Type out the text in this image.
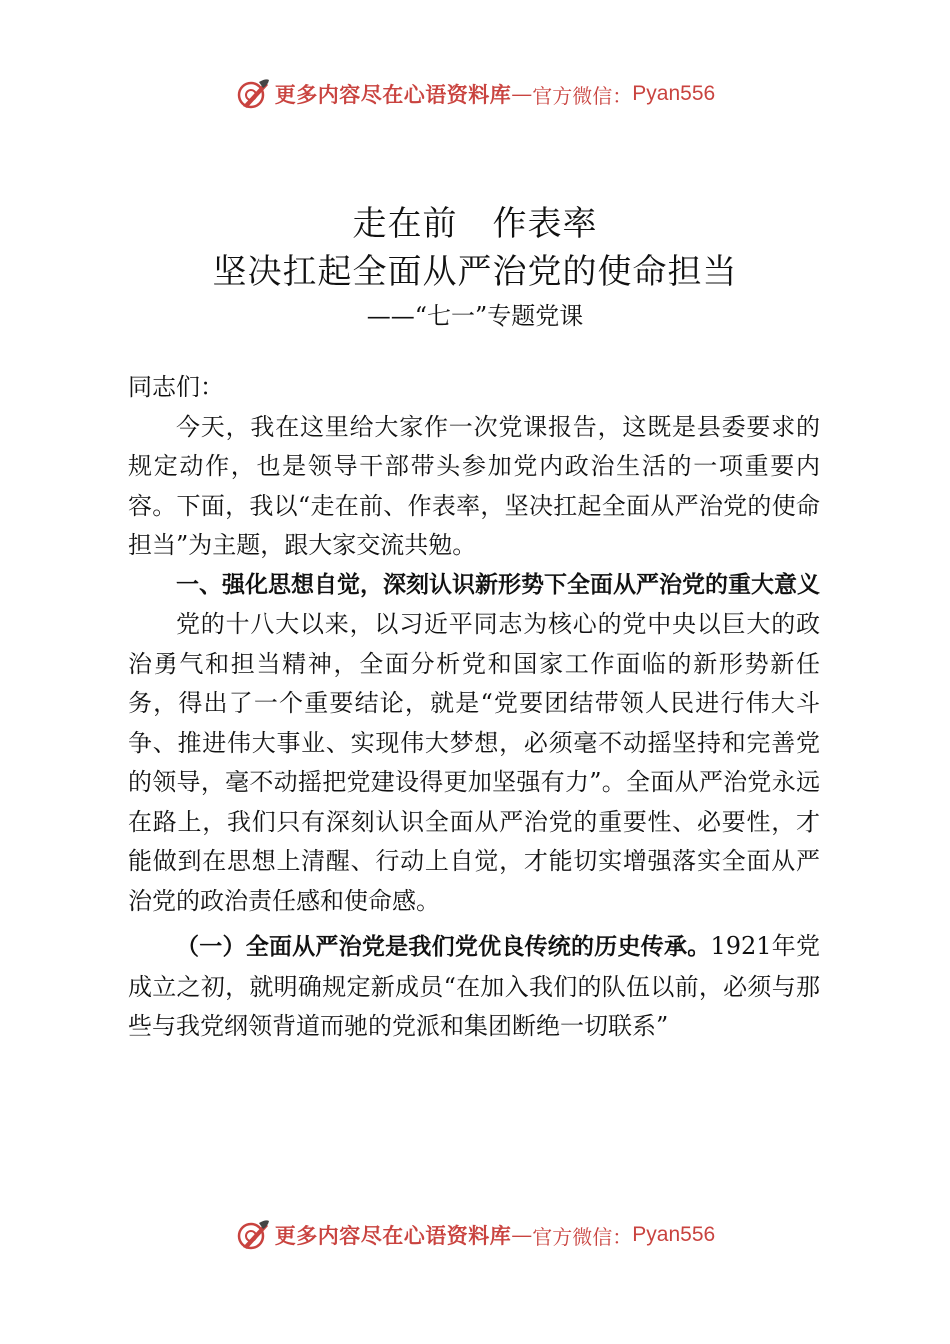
更多内容尽在心语资料库 — 官方微信： Pyan556
走在前　作表率
坚决扛起全面从严治党的使命担当
——“七一”专题党课

同志们：

今天，我在这里给大家作一次党课报告，这既是县委要求的规定动作，也是领导干部带头参加党内政治生活的一项重要内容。下面，我以“走在前、作表率，坚决扛起全面从严治党的使命担当”为主题，跟大家交流共勉。

一、强化思想自觉，深刻认识新形势下全面从严治党的重大意义

党的十八大以来，以习近平同志为核心的党中央以巨大的政治勇气和担当精神，全面分析党和国家工作面临的新形势新任务，得出了一个重要结论，就是“党要团结带领人民进行伟大斗争、推进伟大事业、实现伟大梦想，必须毫不动摇坚持和完善党的领导，毫不动摇把党建设得更加坚强有力”。全面从严治党永远在路上，我们只有深刻认识全面从严治党的重要性、必要性，才能做到在思想上清醒、行动上自觉，才能切实增强落实全面从严治党的政治责任感和使命感。

（一）全面从严治党是我们党优良传统的历史传承。1921年党成立之初，就明确规定新成员“在加入我们的队伍以前，必须与那些与我党纲领背道而驰的党派和集团断绝一切联系”

更多内容尽在心语资料库 — 官方微信： Pyan556
